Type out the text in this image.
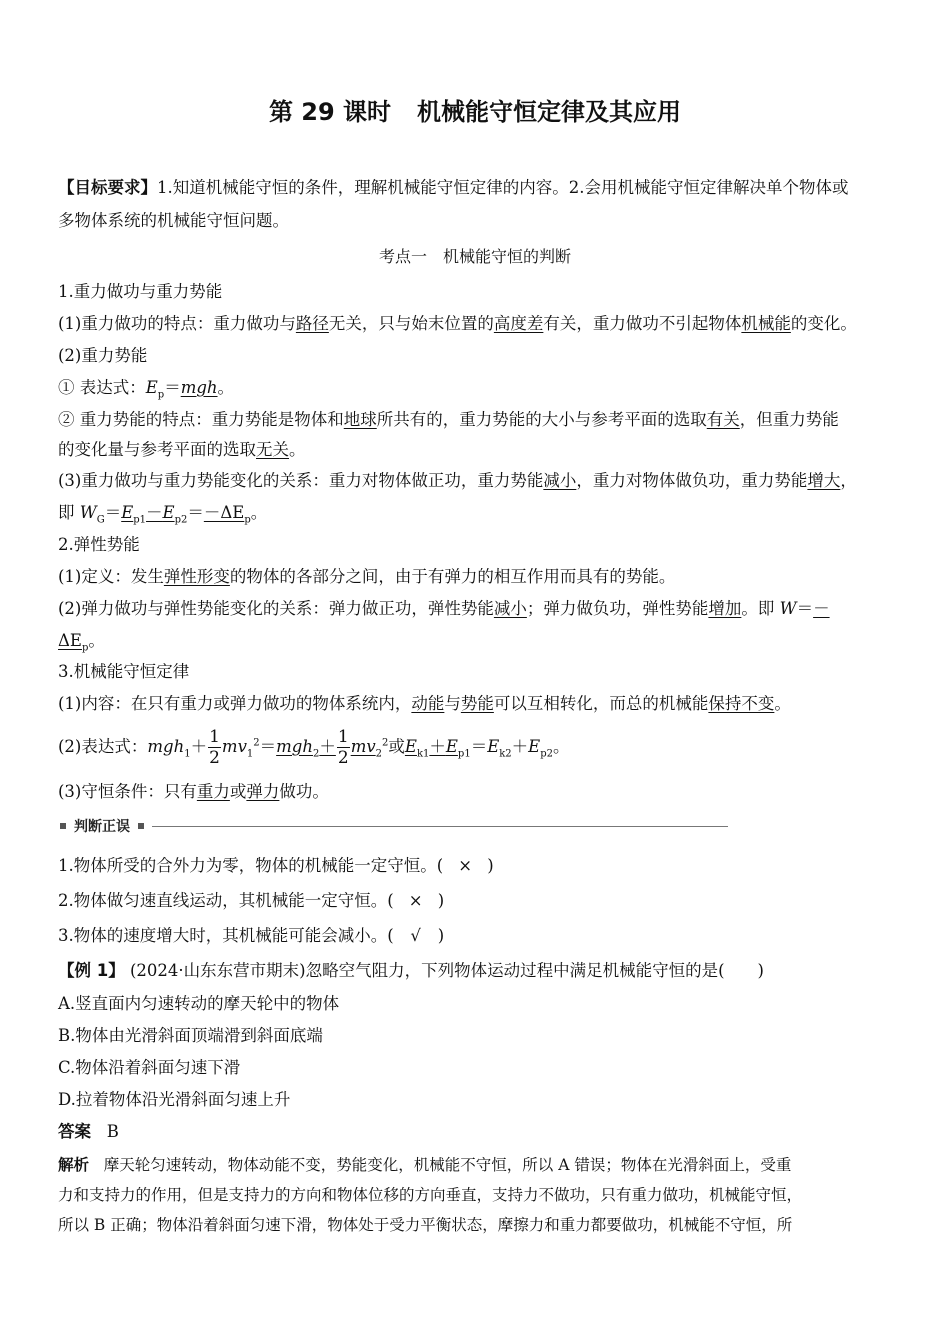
第 29 课时 机械能守恒定律及其应用
【目标要求】1.知道机械能守恒的条件，理解机械能守恒定律的内容。2.会用机械能守恒定律解决单个物体或
多物体系统的机械能守恒问题。
考点一　机械能守恒的判断
1.重力做功与重力势能
(1)重力做功的特点：重力做功与路径无关，只与始末位置的高度差有关，重力做功不引起物体机械能的变化。
(2)重力势能
① 表达式：$E_p=mgh$。
② 重力势能的特点：重力势能是物体和地球所共有的，重力势能的大小与参考平面的选取有关，但重力势能
的变化量与参考平面的选取无关。
(3)重力做功与重力势能变化的关系：重力对物体做正功，重力势能减小，重力对物体做负功，重力势能增大，
即 $W_G=E_{p1}-E_{p2}=-\Delta E_p$。
2.弹性势能
(1)定义：发生弹性形变的物体的各部分之间，由于有弹力的相互作用而具有的势能。
(2)弹力做功与弹性势能变化的关系：弹力做正功，弹性势能减小；弹力做负功，弹性势能增加。即 W＝－
$\Delta E_p$。
3.机械能守恒定律
(1)内容：在只有重力或弹力做功的物体系统内，动能与势能可以互相转化，而总的机械能保持不变。
(2)表达式：$mgh_1+ \frac{1}{2} mv_1^2=mgh_2+ \frac{1}{2} mv_2^2$或$E_{k1}+E_{p1}=E_{k2}+E_{p2}$。
(3)守恒条件：只有重力或弹力做功。
判断正误
1.物体所受的合外力为零，物体的机械能一定守恒。( × )
2.物体做匀速直线运动，其机械能一定守恒。( × )
3.物体的速度增大时，其机械能可能会减小。( √ )
【例 1】 (2024·山东东营市期末)忽略空气阻力，下列物体运动过程中满足机械能守恒的是(　　)
A.竖直面内匀速转动的摩天轮中的物体
B.物体由光滑斜面顶端滑到斜面底端
C.物体沿着斜面匀速下滑
D.拉着物体沿光滑斜面匀速上升
答案 B
解析 摩天轮匀速转动，物体动能不变，势能变化，机械能不守恒，所以 A 错误；物体在光滑斜面上，受重
力和支持力的作用，但是支持力的方向和物体位移的方向垂直，支持力不做功，只有重力做功，机械能守恒，
所以 B 正确；物体沿着斜面匀速下滑，物体处于受力平衡状态，摩擦力和重力都要做功，机械能不守恒，所
